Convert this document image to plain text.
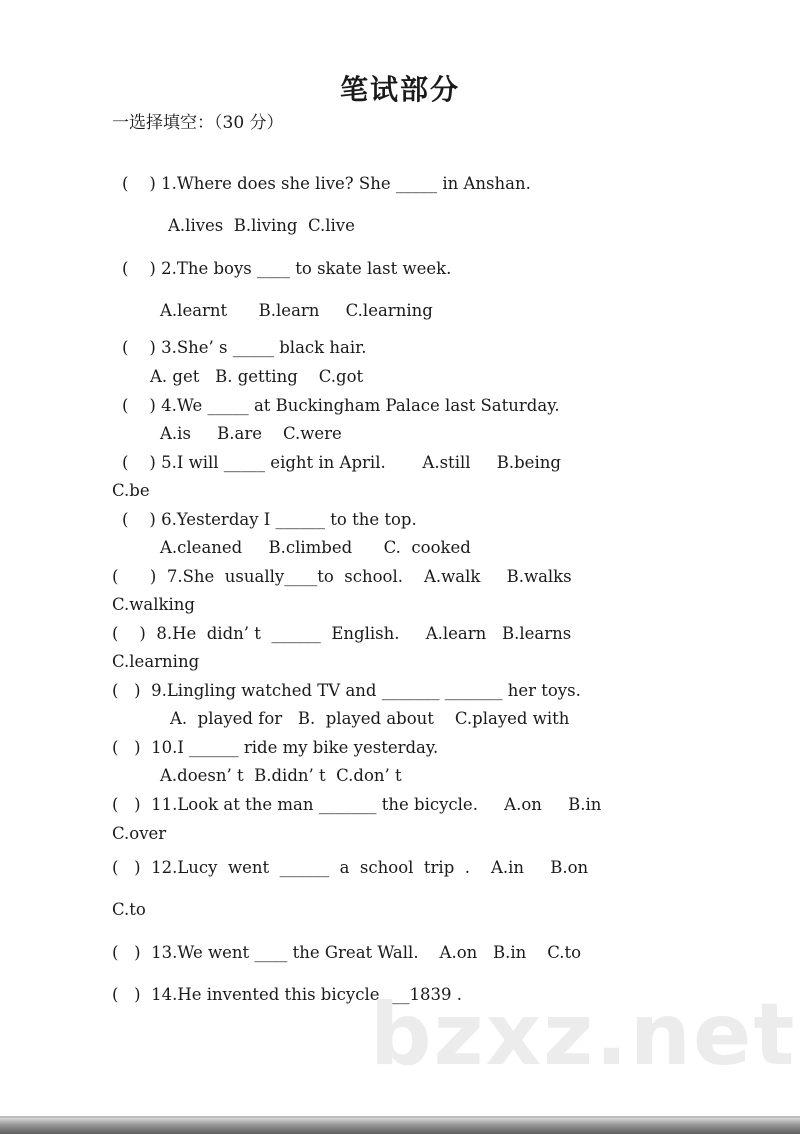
笔试部分
一选择填空：（30 分）
(    ) 1.Where does she live? She _____ in Anshan.
A.lives  B.living  C.live
(    ) 2.The boys ____ to skate last week.
A.learnt      B.learn     C.learning
(    ) 3.She’ s _____ black hair.
A. get   B. getting    C.got
(    ) 4.We _____ at Buckingham Palace last Saturday.
A.is     B.are    C.were
(    ) 5.I will _____ eight in April.       A.still     B.being
C.be
(    ) 6.Yesterday I ______ to the top.
A.cleaned     B.climbed      C.  cooked
(      )  7.She  usually____to  school.    A.walk     B.walks
C.walking
(    )  8.He  didn’ t  ______  English.     A.learn   B.learns
C.learning
(   )  9.Lingling watched TV and _______ _______ her toys.
A.  played for   B.  played about    C.played with
(   )  10.I ______ ride my bike yesterday.
A.doesn’ t  B.didn’ t  C.don’ t
(   )  11.Look at the man _______ the bicycle.     A.on     B.in
C.over
(   )  12.Lucy  went  ______  a  school  trip  .    A.in     B.on
C.to
(   )  13.We went ____ the Great Wall.    A.on   B.in    C.to
(   )  14.He invented this bicycle ___1839 .
bzxz.net
